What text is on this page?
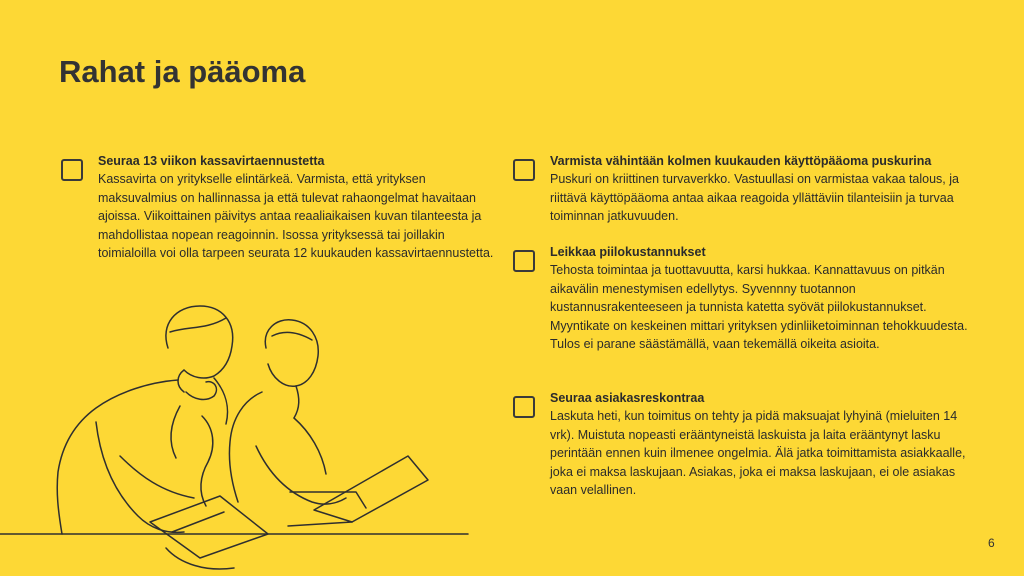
Rahat ja pääoma

Seuraa 13 viikon kassavirtaennustetta

Kassavirta on yritykselle elintärkeä. Varmista, että yrityksen maksuvalmius on hallinnassa ja että tulevat rahaongelmat havaitaan ajoissa. Viikoittainen päivitys antaa reaaliaikaisen kuvan tilanteesta ja mahdollistaa nopean reagoinnin. Isossa yrityksessä tai joillakin toimialoilla voi olla tarpeen seurata 12 kuukauden kassavirtaennustetta.

Varmista vähintään kolmen kuukauden käyttöpääoma puskurina

Puskuri on kriittinen turvaverkko. Vastuullasi on varmistaa vakaa talous, ja riittävä käyttöpääoma antaa aikaa reagoida yllättäviin tilanteisiin ja turvaa toiminnan jatkuvuuden.

Leikkaa piilokustannukset

Tehosta toimintaa ja tuottavuutta, karsi hukkaa. Kannattavuus on pitkän aikavälin menestymisen edellytys. Syvennny tuotannon kustannusrakenteeseen ja tunnista katetta syövät piilokustannukset. Myyntikate on keskeinen mittari yrityksen ydinliiketoiminnan tehokkuudesta. Tulos ei parane säästämällä, vaan tekemällä oikeita asioita.

Seuraa asiakasreskontraa

Laskuta heti, kun toimitus on tehty ja pidä maksuajat lyhyinä (mieluiten 14 vrk). Muistuta nopeasti erääntyneistä laskuista ja laita erääntynyt lasku perintään ennen kuin ilmenee ongelmia. Älä jatka toimittamista asiakkaalle, joka ei maksa laskujaan. Asiakas, joka ei maksa laskujaan, ei ole asiakas vaan velallinen.

6
